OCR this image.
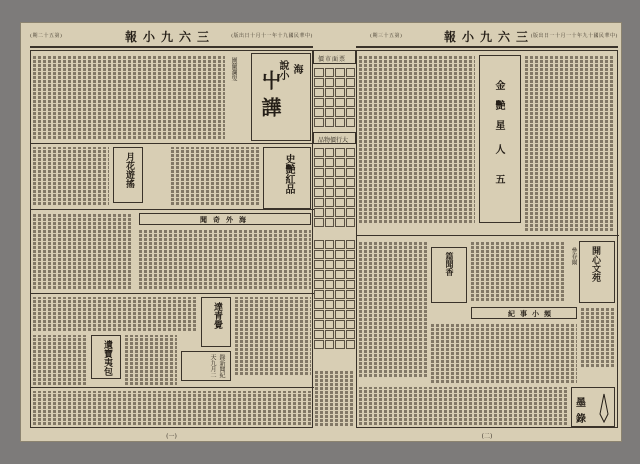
(期二十五第)	報小九六三	(版出日十月十一年十九國民華中)
說小 海
屮 譁
園蘭瀾叟
史艷紅品
月花遊搖
聞奇外海
達青覺
遺寶夷包	錄新聞紀天九月二
(一)
價市面票
品物價行大
(期三十五第)	報小九六三
(版出日一十月一十年九十國民華中)
金
艷
星
人
五
開心文苑
參春爾
篇聞香
紀事小頻
墨
錄
(二)
